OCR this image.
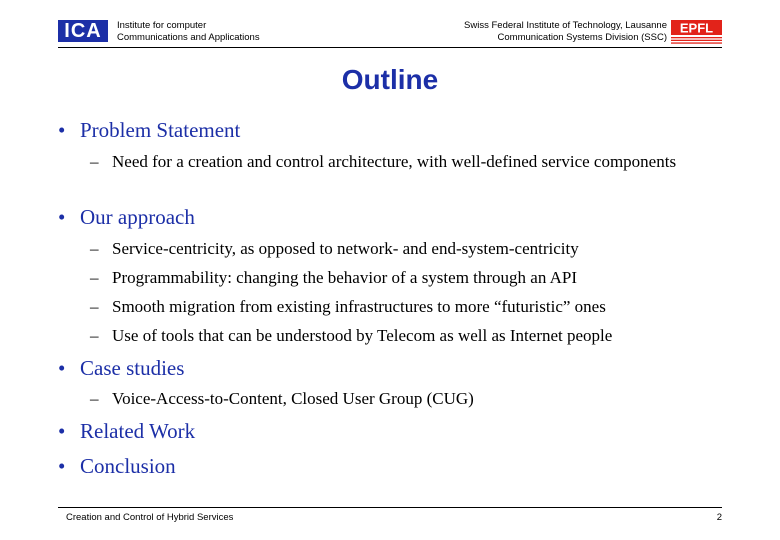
ICA	Institute for computer
Communications and Applications
Swiss Federal Institute of Technology, Lausanne
Communication Systems Division (SSC)
EPFL
Outline
• Problem Statement
– Need for a creation and control architecture, with well-defined service components
• Our approach
– Service-centricity, as opposed to network- and end-system-centricity
– Programmability: changing the behavior of a system through an API
– Smooth migration from existing infrastructures to more “futuristic” ones
– Use of tools that can be understood by Telecom as well as Internet people
• Case studies
– Voice-Access-to-Content, Closed User Group (CUG)
• Related Work
• Conclusion
Creation and Control of Hybrid Services	2
